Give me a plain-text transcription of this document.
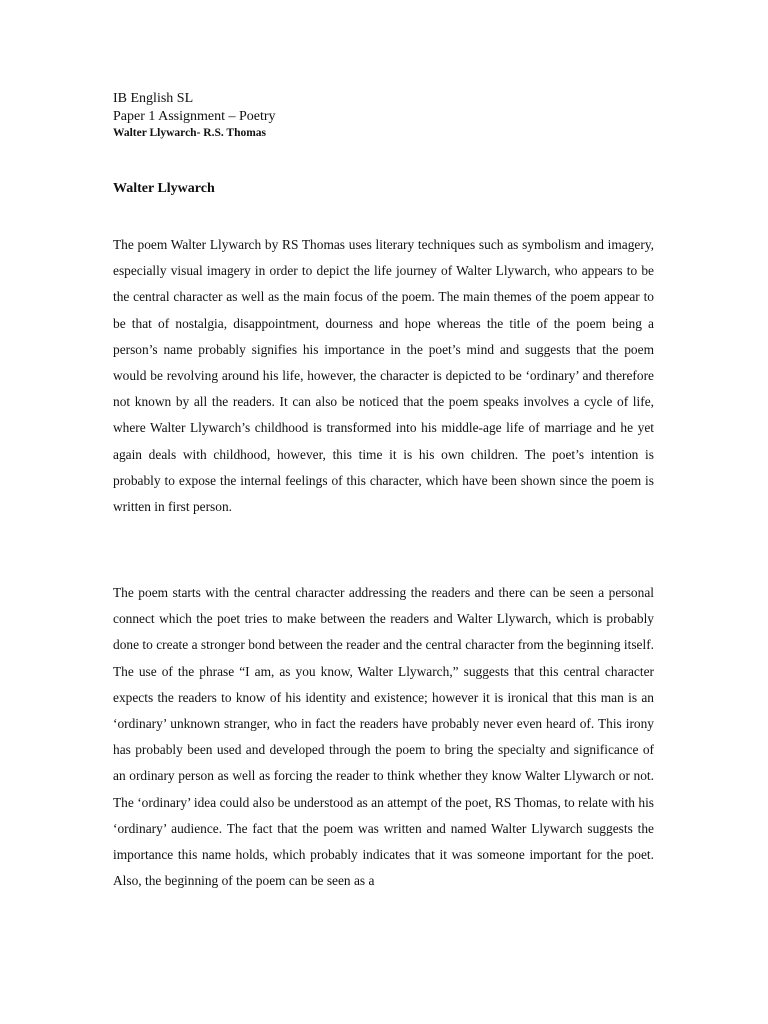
IB English SL
Paper 1 Assignment – Poetry
Walter Llywarch- R.S. Thomas
Walter Llywarch

The poem Walter Llywarch by RS Thomas uses literary techniques such as symbolism and imagery, especially visual imagery in order to depict the life journey of Walter Llywarch, who appears to be the central character as well as the main focus of the poem. The main themes of the poem appear to be that of nostalgia, disappointment, dourness and hope whereas the title of the poem being a person’s name probably signifies his importance in the poet’s mind and suggests that the poem would be revolving around his life, however, the character is depicted to be ‘ordinary’ and therefore not known by all the readers. It can also be noticed that the poem speaks involves a cycle of life, where Walter Llywarch’s childhood is transformed into his middle-age life of marriage and he yet again deals with childhood, however, this time it is his own children. The poet’s intention is probably to expose the internal feelings of this character, which have been shown since the poem is written in first person.

The poem starts with the central character addressing the readers and there can be seen a personal connect which the poet tries to make between the readers and Walter Llywarch, which is probably done to create a stronger bond between the reader and the central character from the beginning itself. The use of the phrase “I am, as you know, Walter Llywarch,” suggests that this central character expects the readers to know of his identity and existence; however it is ironical that this man is an ‘ordinary’ unknown stranger, who in fact the readers have probably never even heard of. This irony has probably been used and developed through the poem to bring the specialty and significance of an ordinary person as well as forcing the reader to think whether they know Walter Llywarch or not. The ‘ordinary’ idea could also be understood as an attempt of the poet, RS Thomas, to relate with his ‘ordinary’ audience. The fact that the poem was written and named Walter Llywarch suggests the importance this name holds, which probably indicates that it was someone important for the poet. Also, the beginning of the poem can be seen as a
